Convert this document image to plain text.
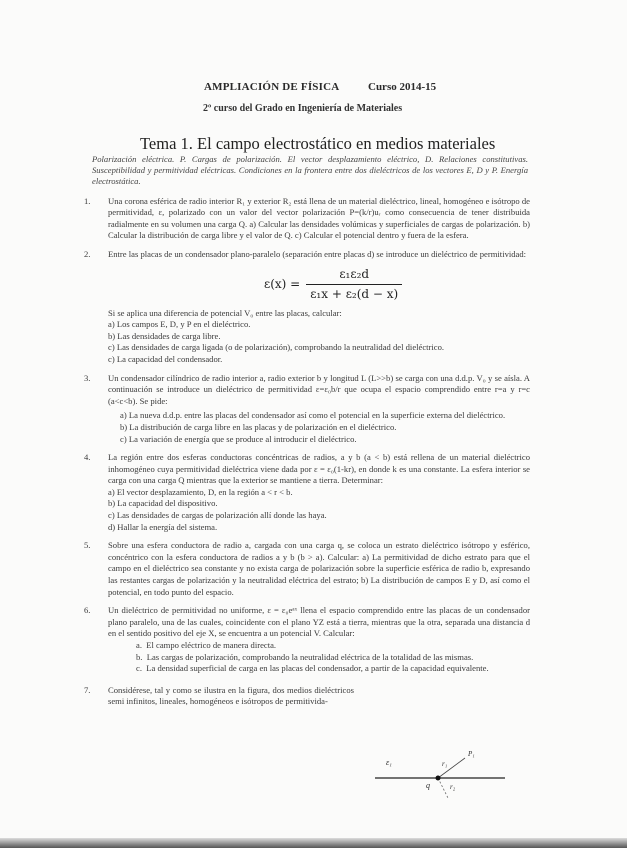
AMPLIACIÓN DE FÍSICA	Curso 2014-15
2º curso del Grado en Ingeniería de Materiales
Tema 1. El campo electrostático en medios materiales
Polarización eléctrica. P. Cargas de polarización. El vector desplazamiento eléctrico, D. Relaciones constitutivas. Susceptibilidad y permitividad eléctricas. Condiciones en la frontera entre dos dieléctricos de los vectores E, D y P. Energía electrostática.
1. Una corona esférica de radio interior R₁ y exterior R₂ está llena de un material dieléctrico, lineal, homogéneo e isótropo de permitividad, ε, polarizado con un valor del vector polarización P=(k/r)uᵣ como consecuencia de tener distribuida radialmente en su volumen una carga Q. a) Calcular las densidades volúmicas y superficiales de cargas de polarización. b) Calcular la distribución de carga libre y el valor de Q. c) Calcular el potencial dentro y fuera de la esfera.
2. Entre las placas de un condensador plano-paralelo (separación entre placas d) se introduce un dieléctrico de permitividad:
$\varepsilon(x) = \frac{\text{ε₁ε₂d}}{\text{ε₁x + ε₂(d − x)}}$
Si se aplica una diferencia de potencial V₀ entre las placas, calcular:
a) Los campos E, D, y P en el dieléctrico.
b) Las densidades de carga libre.
c) Las densidades de carga ligada (o de polarización), comprobando la neutralidad del dieléctrico.
c) La capacidad del condensador.
3. Un condensador cilíndrico de radio interior a, radio exterior b y longitud L (L>>b) se carga con una d.d.p. V₀ y se aísla. A continuación se introduce un dieléctrico de permitividad ε=ε₀b/r que ocupa el espacio comprendido entre r=a y r=c (a<c<b). Se pide:
a) La nueva d.d.p. entre las placas del condensador así como el potencial en la superficie externa del dieléctrico.
b) La distribución de carga libre en las placas y de polarización en el dieléctrico.
c) La variación de energía que se produce al introducir el dieléctrico.
4. La región entre dos esferas conductoras concéntricas de radios, a y b (a < b) está rellena de un material dieléctrico inhomogéneo cuya permitividad dieléctrica viene dada por ε = ε₀(1-kr), en donde k es una constante. La esfera interior se carga con una carga Q mientras que la exterior se mantiene a tierra. Determinar:
a) El vector desplazamiento, D, en la región a < r < b.
b) La capacidad del dispositivo.
c) Las densidades de cargas de polarización allí donde las haya.
d) Hallar la energía del sistema.
5. Sobre una esfera conductora de radio a, cargada con una carga q, se coloca un estrato dieléctrico isótropo y esférico, concéntrico con la esfera conductora de radios a y b (b > a). Calcular: a) La permitividad de dicho estrato para que el campo en el dieléctrico sea constante y no exista carga de polarización sobre la superficie esférica de radio b, expresando las restantes cargas de polarización y la neutralidad eléctrica del estrato; b) La distribución de campos E y D, así como el potencial, en todo punto del espacio.
6. Un dieléctrico de permitividad no uniforme, ε = ε₀eᵃˣ llena el espacio comprendido entre las placas de un condensador plano paralelo, una de las cuales, coincidente con el plano YZ está a tierra, mientras que la otra, separada una distancia d en el sentido positivo del eje X, se encuentra a un potencial V. Calcular:
a.  El campo eléctrico de manera directa.
b.  Las cargas de polarización, comprobando la neutralidad eléctrica de la totalidad de las mismas.
c.  La densidad superficial de carga en las placas del condensador, a partir de la capacidad equivalente.
7. Considérese, tal y como se ilustra en la figura, dos medios dieléctricos semi infinitos, lineales, homogéneos e isótropos de permitivida-
ε₁
q
r₁
r₂
P₁
